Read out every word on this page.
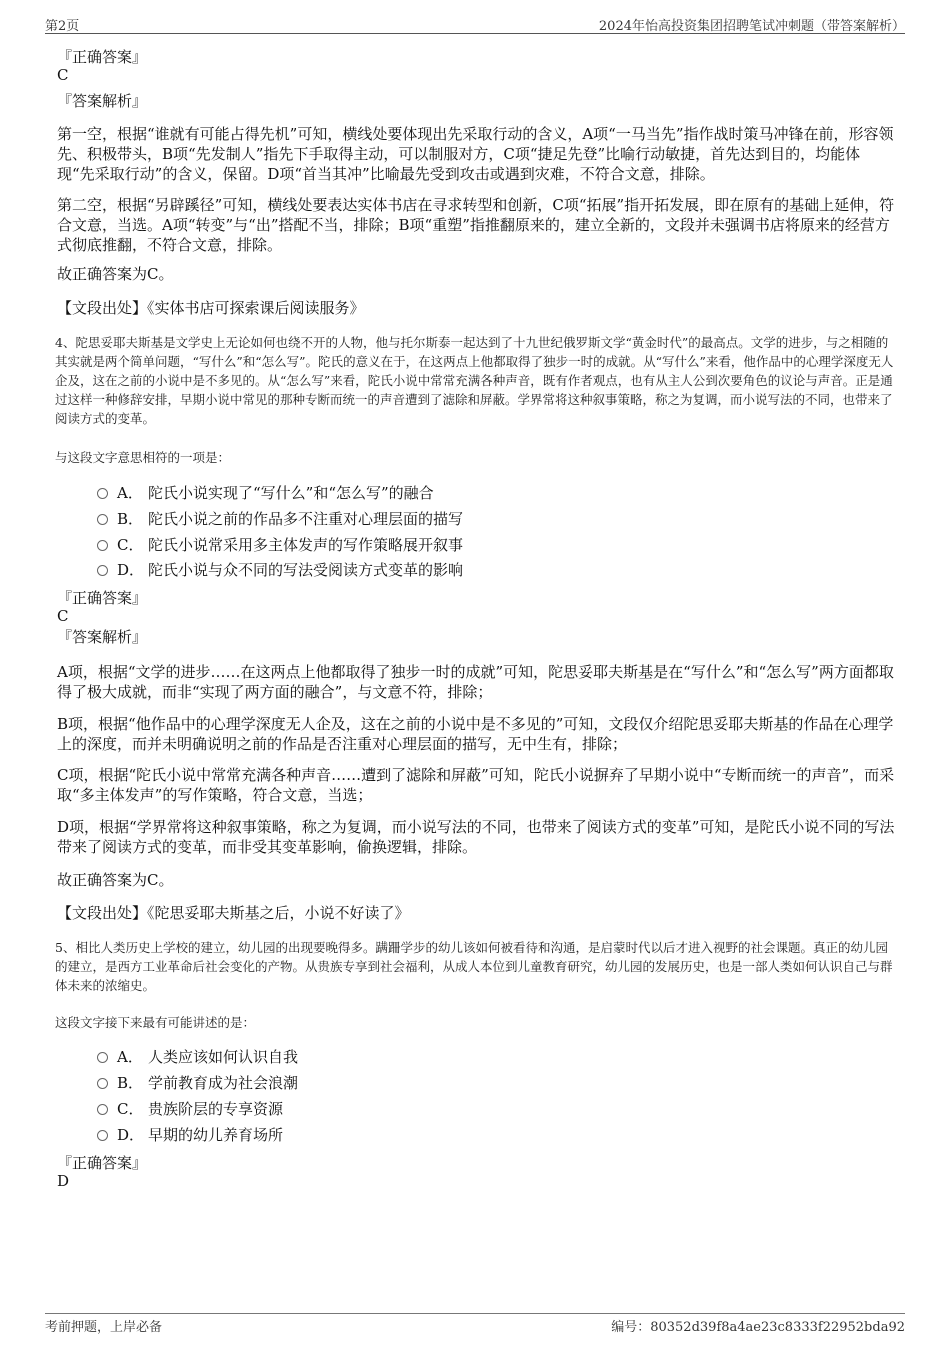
第2页	2024年怡高投资集团招聘笔试冲刺题（带答案解析）
『正确答案』
C
『答案解析』

第一空，根据“谁就有可能占得先机”可知，横线处要体现出先采取行动的含义，A项“一马当先”指作战时策马冲锋在前，形容领先、积极带头，B项“先发制人”指先下手取得主动，可以制服对方，C项“捷足先登”比喻行动敏捷，首先达到目的，均能体现“先采取行动”的含义，保留。D项“首当其冲”比喻最先受到攻击或遇到灾难，不符合文意，排除。

第二空，根据“另辟蹊径”可知，横线处要表达实体书店在寻求转型和创新，C项“拓展”指开拓发展，即在原有的基础上延伸，符合文意，当选。A项“转变”与“出”搭配不当，排除；B项“重塑”指推翻原来的，建立全新的，文段并未强调书店将原来的经营方式彻底推翻，不符合文意，排除。

故正确答案为C。

【文段出处】《实体书店可探索课后阅读服务》

4、陀思妥耶夫斯基是文学史上无论如何也绕不开的人物，他与托尔斯泰一起达到了十九世纪俄罗斯文学“黄金时代”的最高点。文学的进步，与之相随的其实就是两个简单问题，“写什么”和“怎么写”。陀氏的意义在于，在这两点上他都取得了独步一时的成就。从“写什么”来看，他作品中的心理学深度无人企及，这在之前的小说中是不多见的。从“怎么写”来看，陀氏小说中常常充满各种声音，既有作者观点，也有从主人公到次要角色的议论与声音。正是通过这样一种修辞安排，早期小说中常见的那种专断而统一的声音遭到了滤除和屏蔽。学界常将这种叙事策略，称之为复调，而小说写法的不同，也带来了阅读方式的变革。

与这段文字意思相符的一项是：

A． 陀氏小说实现了“写什么”和“怎么写”的融合
B． 陀氏小说之前的作品多不注重对心理层面的描写
C． 陀氏小说常采用多主体发声的写作策略展开叙事
D． 陀氏小说与众不同的写法受阅读方式变革的影响
『正确答案』
C
『答案解析』

A项，根据“文学的进步……在这两点上他都取得了独步一时的成就”可知，陀思妥耶夫斯基是在“写什么”和“怎么写”两方面都取得了极大成就，而非“实现了两方面的融合”，与文意不符，排除；

B项，根据“他作品中的心理学深度无人企及，这在之前的小说中是不多见的”可知，文段仅介绍陀思妥耶夫斯基的作品在心理学上的深度，而并未明确说明之前的作品是否注重对心理层面的描写，无中生有，排除；

C项，根据“陀氏小说中常常充满各种声音……遭到了滤除和屏蔽”可知，陀氏小说摒弃了早期小说中“专断而统一的声音”，而采取“多主体发声”的写作策略，符合文意，当选；

D项，根据“学界常将这种叙事策略，称之为复调，而小说写法的不同，也带来了阅读方式的变革”可知，是陀氏小说不同的写法带来了阅读方式的变革，而非受其变革影响，偷换逻辑，排除。

故正确答案为C。

【文段出处】《陀思妥耶夫斯基之后，小说不好读了》

5、相比人类历史上学校的建立，幼儿园的出现要晚得多。蹒跚学步的幼儿该如何被看待和沟通，是启蒙时代以后才进入视野的社会课题。真正的幼儿园的建立，是西方工业革命后社会变化的产物。从贵族专享到社会福利，从成人本位到儿童教育研究，幼儿园的发展历史，也是一部人类如何认识自己与群体未来的浓缩史。

这段文字接下来最有可能讲述的是：

A． 人类应该如何认识自我
B． 学前教育成为社会浪潮
C． 贵族阶层的专享资源
D． 早期的幼儿养育场所
『正确答案』
D
考前押题，上岸必备	编号：80352d39f8a4ae23c8333f22952bda92
